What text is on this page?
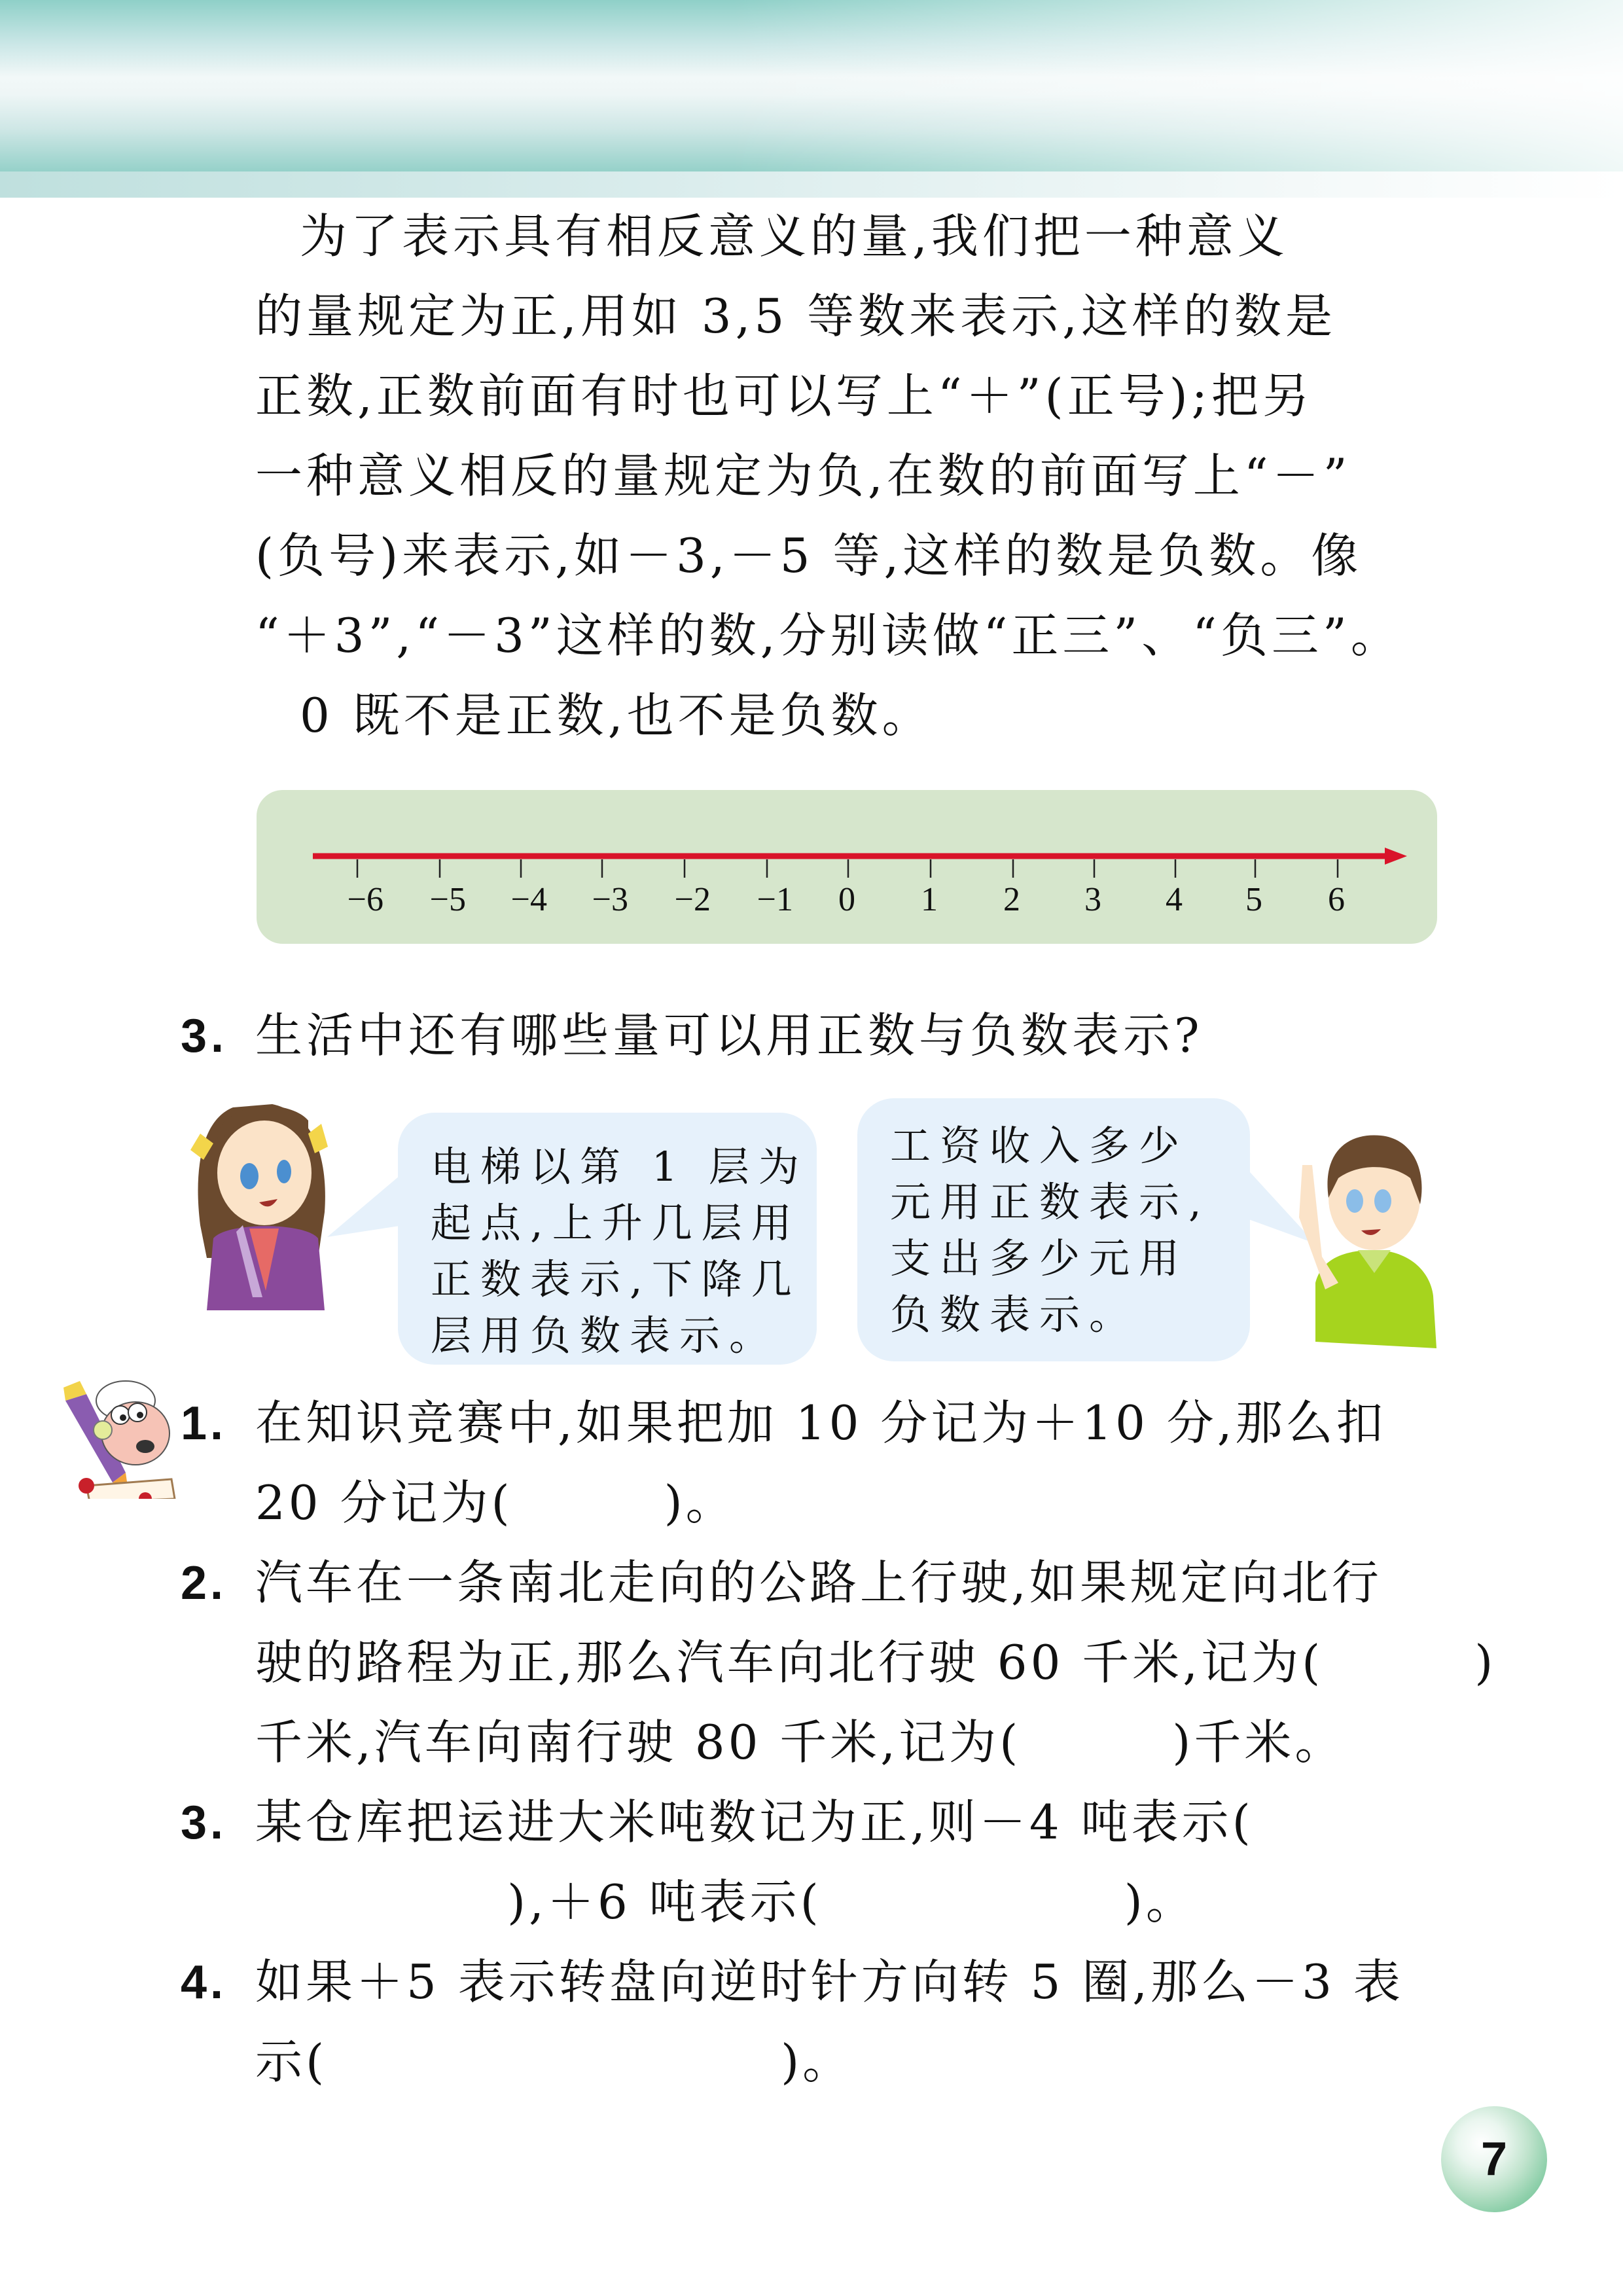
　为了表示具有相反意义的量,我们把一种意义
的量规定为正,用如 3,5 等数来表示,这样的数是
正数,正数前面有时也可以写上“＋”(正号);把另
一种意义相反的量规定为负,在数的前面写上“－”
(负号)来表示,如－3,－5 等,这样的数是负数。像
“＋3”,“－3”这样的数,分别读做“正三”、“负三”。
　0 既不是正数,也不是负数。
−6	−5	−4	−3	−2	−1 0 1 2 3 4 5 6
3. 生活中还有哪些量可以用正数与负数表示?
电梯以第 1 层为
起点,上升几层用
正数表示,下降几
层用负数表示。
工资收入多少
元用正数表示,
支出多少元用
负数表示。
1. 在知识竞赛中,如果把加 10 分记为＋10 分,那么扣
20 分记为(　　　)。
2. 汽车在一条南北走向的公路上行驶,如果规定向北行
驶的路程为正,那么汽车向北行驶 60 千米,记为(　　　)
千米,汽车向南行驶 80 千米,记为(　　　)千米。
3. 某仓库把运进大米吨数记为正,则－4 吨表示(
　　　　　),＋6 吨表示(　　　　　　)。
4. 如果＋5 表示转盘向逆时针方向转 5 圈,那么－3 表
示(　　　　　　　　　)。
7
